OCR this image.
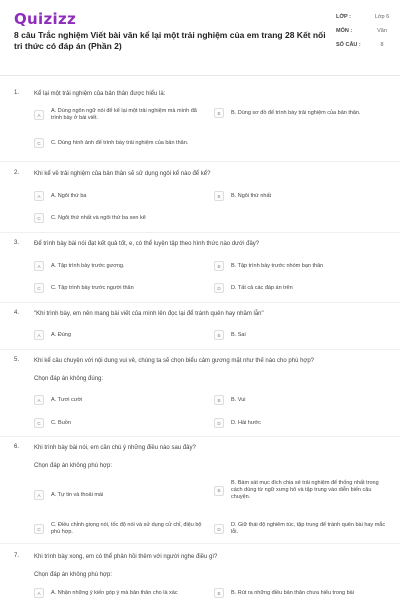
Quizizz
8 câu Trắc nghiệm Viết bài văn kể lại một trải nghiệm của em trang 28 Kết nối tri thức có đáp án (Phần 2)
LỚP :	Lớp 6
MÔN :	Văn
SỐ CÂU :	8
1. Kể lại một trải nghiệm của bản thân được hiểu là:
A
A. Dùng ngôn ngữ nói để kể lại một trải nghiệm mà mình đã trình bày ở bài viết.
B	B. Dùng sơ đồ để trình bày trải nghiệm của bản thân.
C	C. Dùng hình ảnh để trình bày trải nghiệm của bản thân.
2. Khi kể về trải nghiệm của bản thân sẽ sử dụng ngôi kể nào để kể?
A	A. Ngôi thứ ba	B	B. Ngôi thứ nhất
C	C. Ngôi thứ nhất và ngôi thứ ba xen kẽ
3. Để trình bày bài nói đạt kết quả tốt, e, có thể luyện tập theo hình thức nào dưới đây?
A	A. Tập trình bày trước gương.	B	B. Tập trình bày trước nhóm bạn thân
C	C. Tập trình bày trước người thân	D	D. Tất cả các đáp án trên
4. "Khi trình bày, em nên mang bài viết của mình lên đọc lại để tránh quên hay nhầm lẫn"
A	A. Đúng	B	B. Sai
5. Khi kể câu chuyện với nội dung vui vẻ, chúng ta sẽ chọn biểu cảm gương mặt như thế nào cho phù hợp?
Chọn đáp án không đúng:
A	A. Tươi cười	B	B. Vui
C	C. Buồn	D	D. Hài hước
6. Khi trình bày bài nói, em cần chú ý những điều nào sau đây?
Chọn đáp án không phù hợp:
A	A. Tự tin và thoải mái
B
B. Bám sát mục đích chia sẻ trải nghiệm để thống nhất trong cách dùng từ ngữ xưng hô và tập trung vào diễn biến câu chuyện.
C
C. Điều chỉnh giọng nói, tốc độ nói và sử dụng cử chỉ, điệu bộ phù hợp.	D
D. Giữ thái độ nghiêm túc, tập trung để tránh quên bài hay mắc lỗi.
7. Khi trình bày xong, em có thể phản hồi thêm với người nghe điều gì?
Chọn đáp án không phù hợp:
A	A. Nhận những ý kiến góp ý mà bản thân cho là xác	B	B. Rút ra những điều bản thân chưa hiểu trong bài
